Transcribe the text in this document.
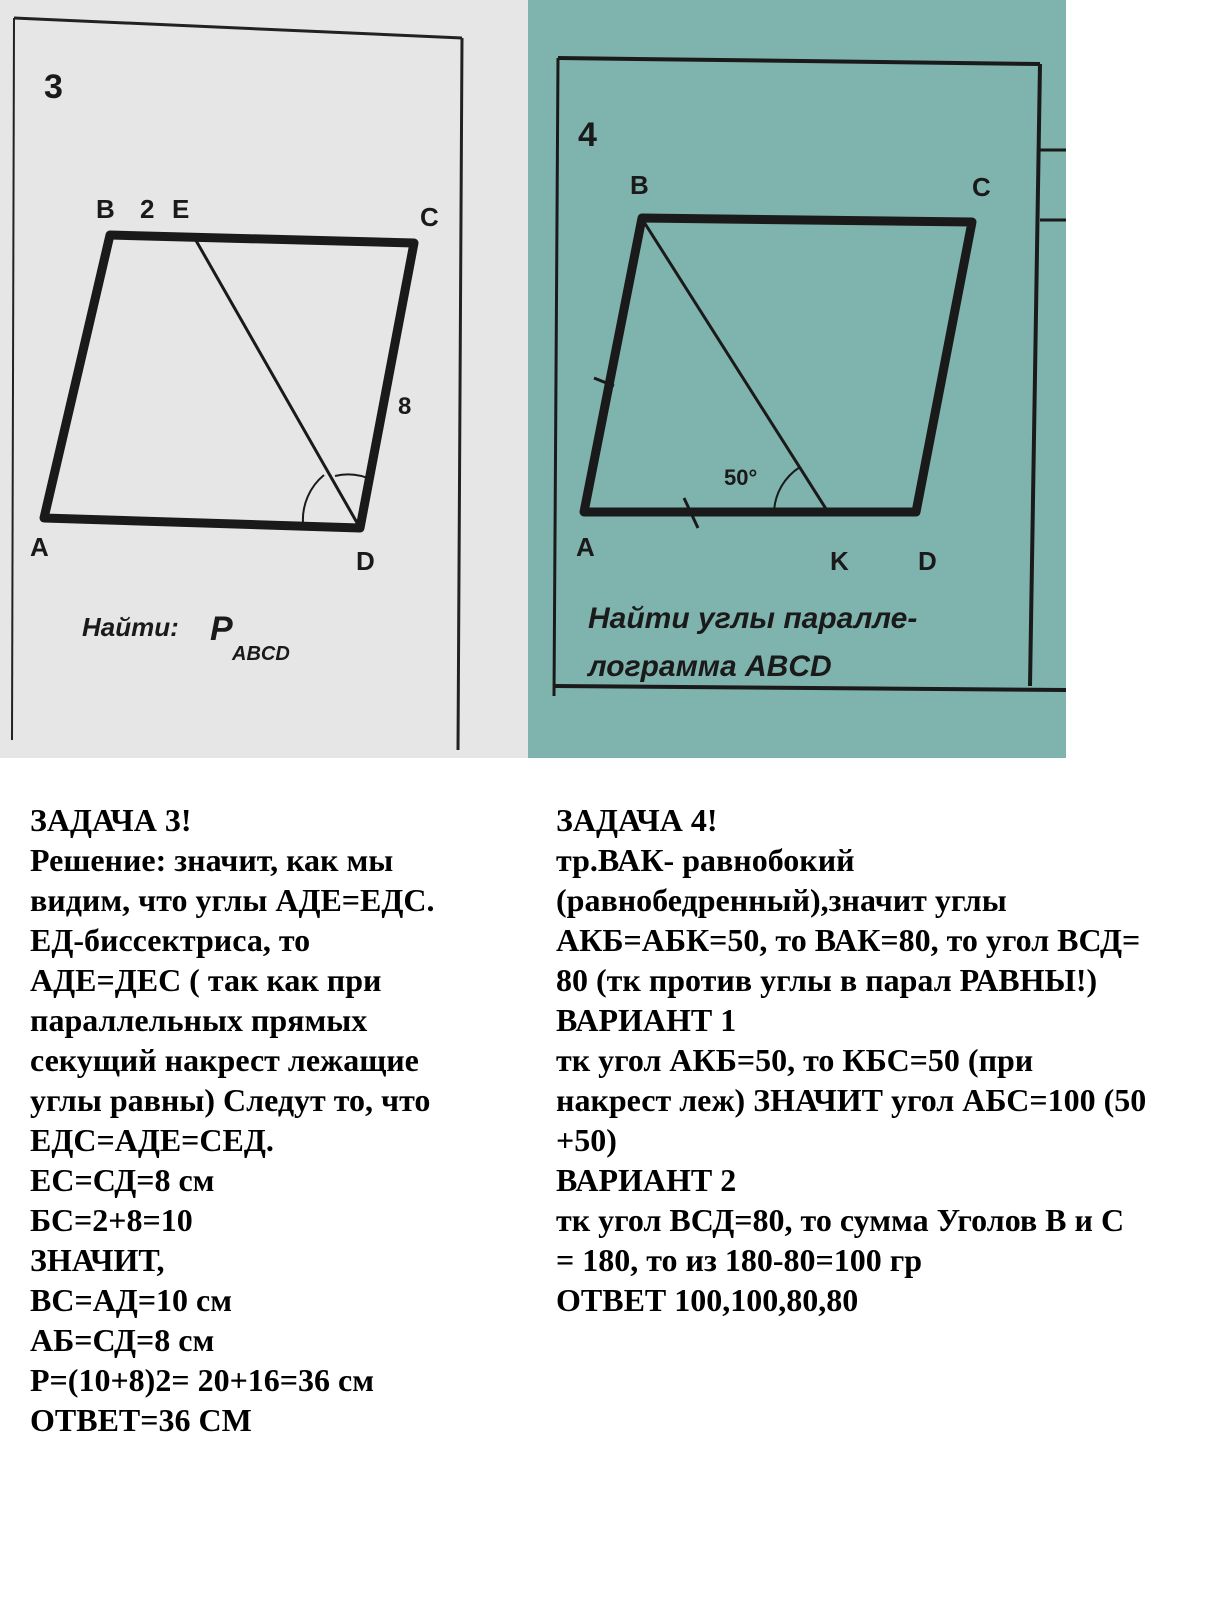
3
B 2 E	C
8
A	D
Найти: P
ABCD
4
50°
B	C
A	K	D
Найти углы паралле-
лограмма ABCD
ЗАДАЧА 3!
Решение: значит, как мы
видим, что углы АДЕ=ЕДС.
ЕД-биссектриса, то
АДЕ=ДЕС ( так как при
параллельных прямых
секущий накрест лежащие
углы равны) Следут то, что
ЕДС=АДЕ=СЕД.
ЕС=СД=8 см
БС=2+8=10
ЗНАЧИТ,
ВС=АД=10 см
АБ=СД=8 см
Р=(10+8)2= 20+16=36 см
ОТВЕТ=36 СМ
ЗАДАЧА 4!
тр.ВАК- равнобокий
(равнобедренный),значит углы
АКБ=АБК=50, то ВАК=80, то угол ВСД=
80 (тк против углы в парал РАВНЫ!)
ВАРИАНТ 1
тк угол АКБ=50, то КБС=50 (при
накрест леж) ЗНАЧИТ угол АБС=100 (50
+50)
ВАРИАНТ 2
тк угол ВСД=80, то сумма Уголов В и С
= 180, то из 180-80=100 гр
ОТВЕТ 100,100,80,80
